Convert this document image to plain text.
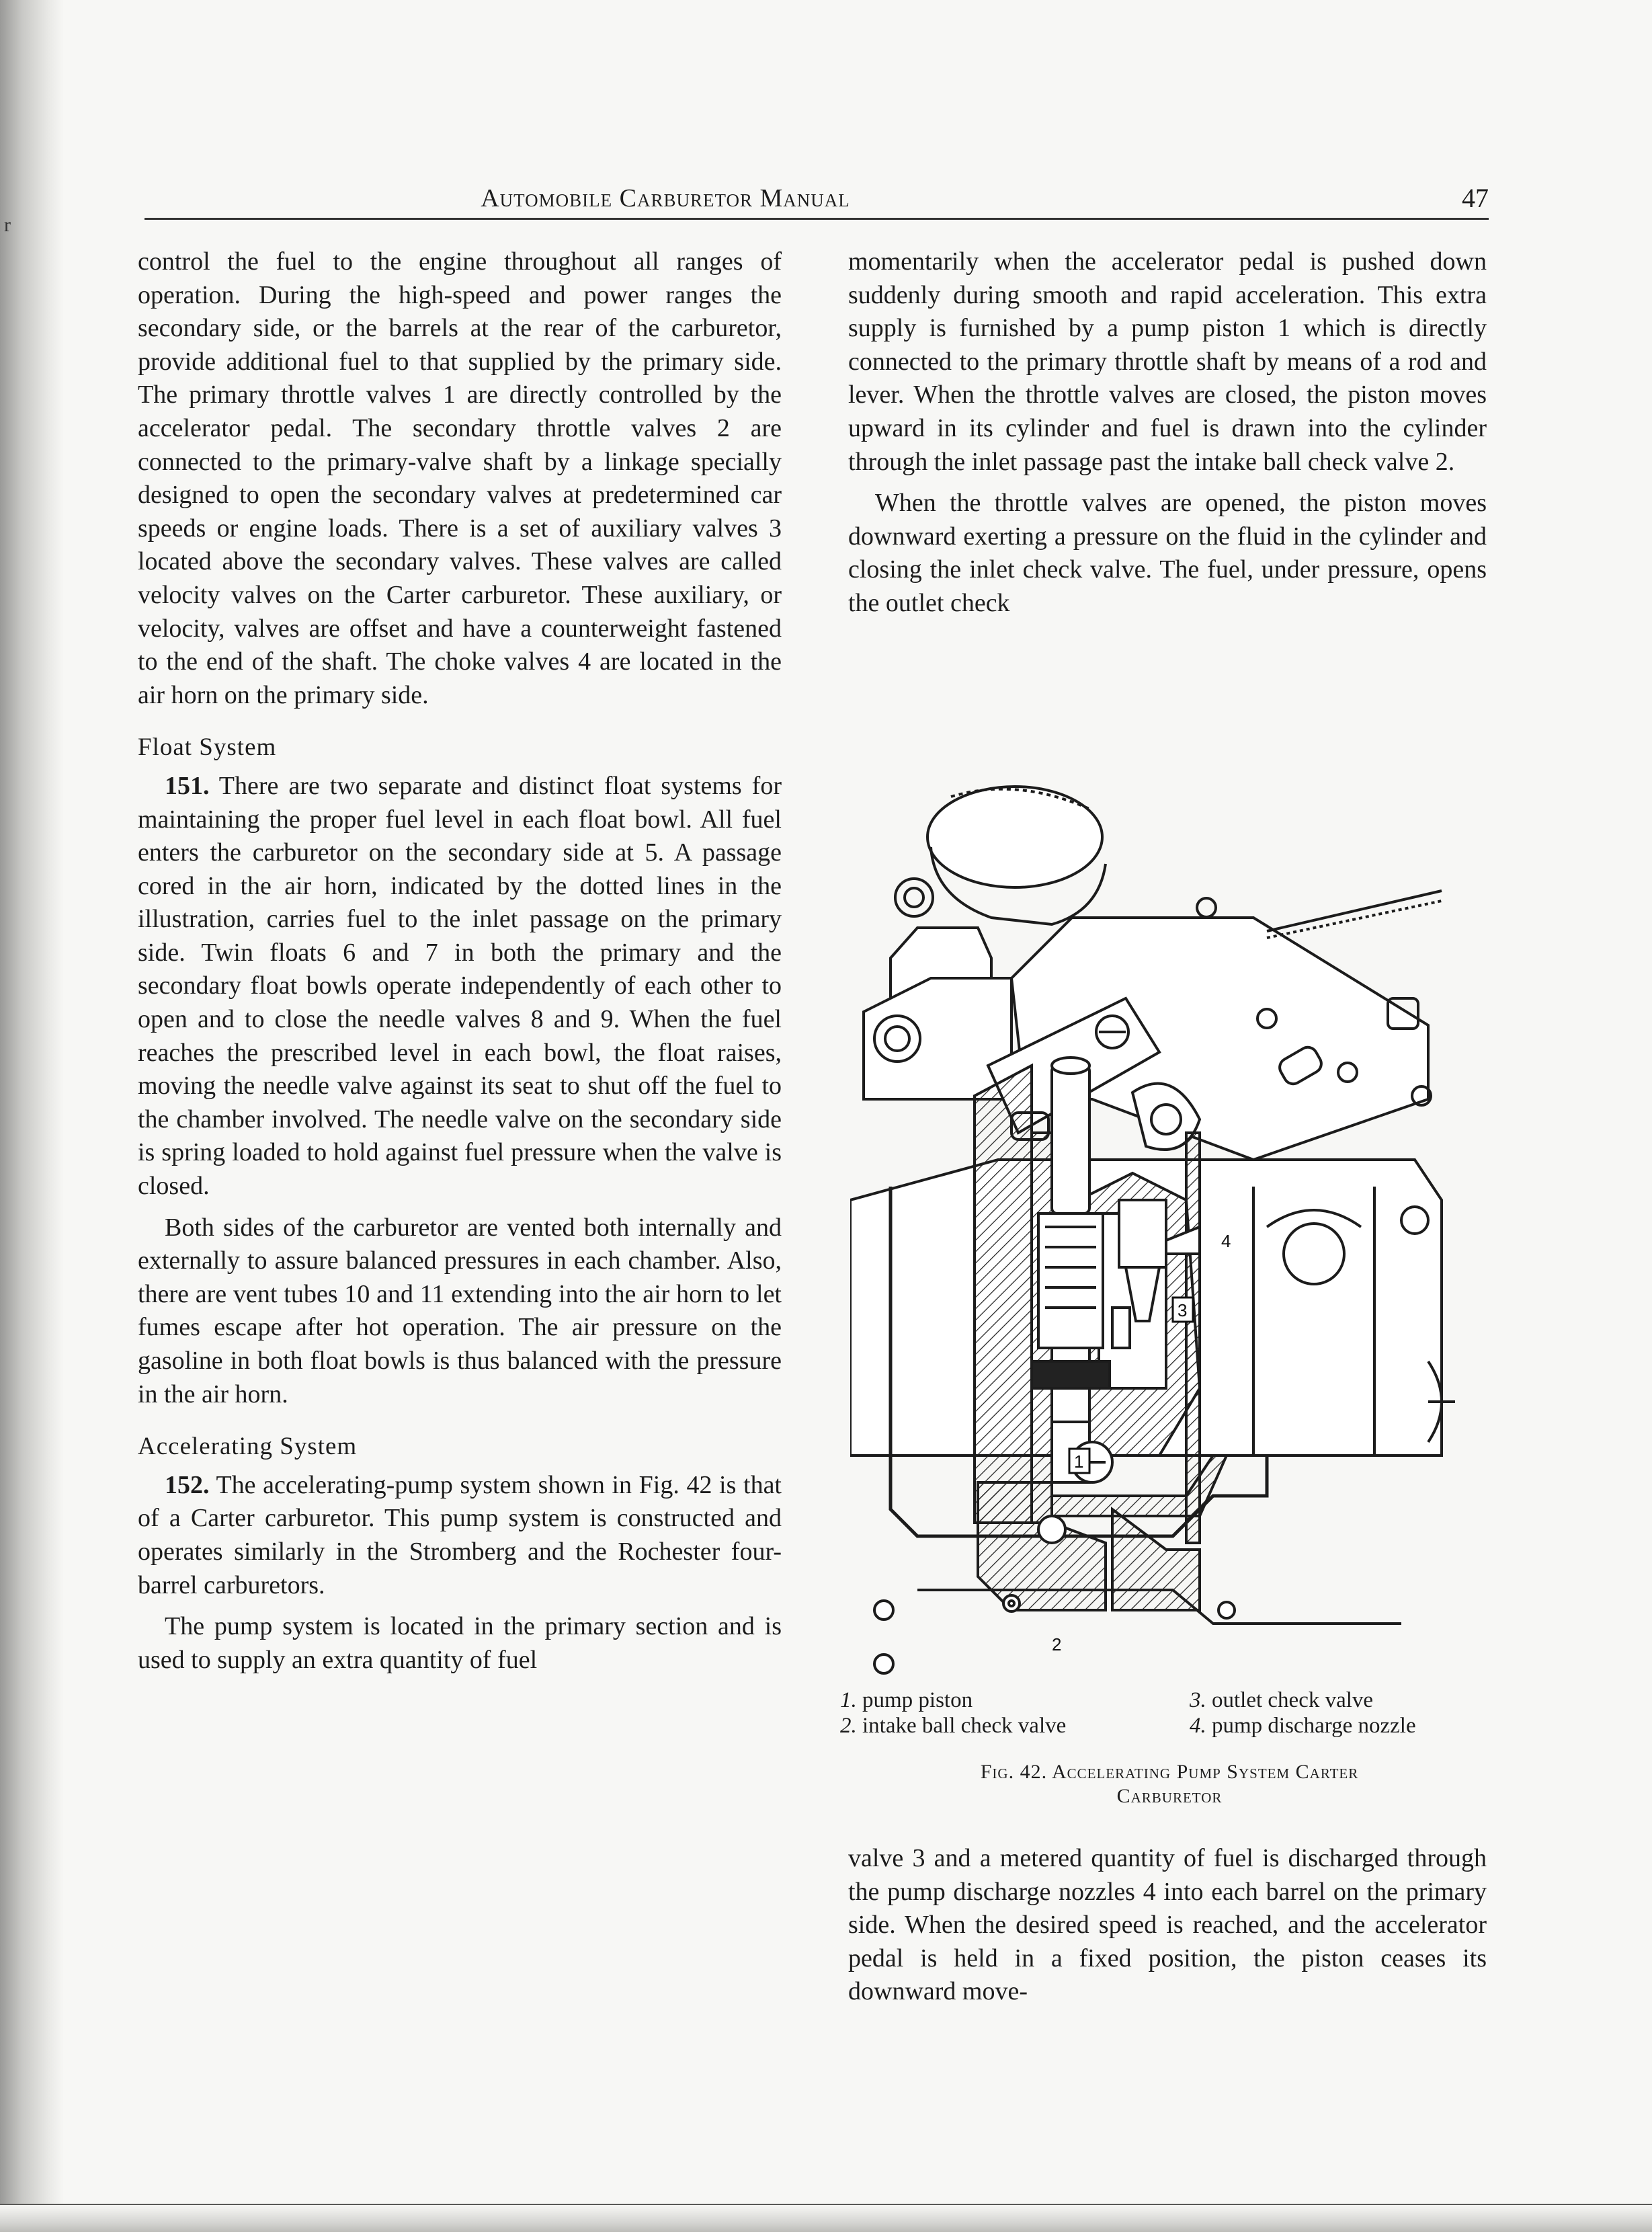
r
Automobile Carburetor Manual	47

control the fuel to the engine throughout all ranges of operation. During the high-speed and power ranges the secondary side, or the barrels at the rear of the carburetor, provide additional fuel to that supplied by the primary side. The primary throttle valves 1 are directly controlled by the accelerator pedal. The secondary throttle valves 2 are connected to the primary-valve shaft by a linkage specially designed to open the secondary valves at predetermined car speeds or engine loads. There is a set of auxiliary valves 3 located above the secondary valves. These valves are called velocity valves on the Carter carburetor. These auxiliary, or velocity, valves are offset and have a counterweight fastened to the end of the shaft. The choke valves 4 are located in the air horn on the primary side.

Float System

151. There are two separate and distinct float systems for maintaining the proper fuel level in each float bowl. All fuel enters the carburetor on the secondary side at 5. A passage cored in the air horn, indicated by the dotted lines in the illustration, carries fuel to the inlet passage on the primary side. Twin floats 6 and 7 in both the primary and the secondary float bowls operate independently of each other to open and to close the needle valves 8 and 9. When the fuel reaches the prescribed level in each bowl, the float raises, moving the needle valve against its seat to shut off the fuel to the chamber involved. The needle valve on the secondary side is spring loaded to hold against fuel pressure when the valve is closed.

Both sides of the carburetor are vented both internally and externally to assure balanced pressures in each chamber. Also, there are vent tubes 10 and 11 extending into the air horn to let fumes escape after hot operation. The air pressure on the gasoline in both float bowls is thus balanced with the pressure in the air horn.

Accelerating System

152. The accelerating-pump system shown in Fig. 42 is that of a Carter carburetor. This pump system is constructed and operates similarly in the Stromberg and the Rochester four-barrel carburetors.

The pump system is located in the primary section and is used to supply an extra quantity of fuel

momentarily when the accelerator pedal is pushed down suddenly during smooth and rapid acceleration. This extra supply is furnished by a pump piston 1 which is directly connected to the primary throttle shaft by means of a rod and lever. When the throttle valves are closed, the piston moves upward in its cylinder and fuel is drawn into the cylinder through the inlet passage past the intake ball check valve 2.

When the throttle valves are opened, the piston moves downward exerting a pressure on the fluid in the cylinder and closing the inlet check valve. The fuel, under pressure, opens the outlet check

1
2
3
4
1. pump piston	3. outlet check valve
2. intake ball check valve	4. pump discharge nozzle
Fig. 42. Accelerating Pump System Carter
Carburetor

valve 3 and a metered quantity of fuel is discharged through the pump discharge nozzles 4 into each barrel on the primary side. When the desired speed is reached, and the accelerator pedal is held in a fixed position, the piston ceases its downward move-
